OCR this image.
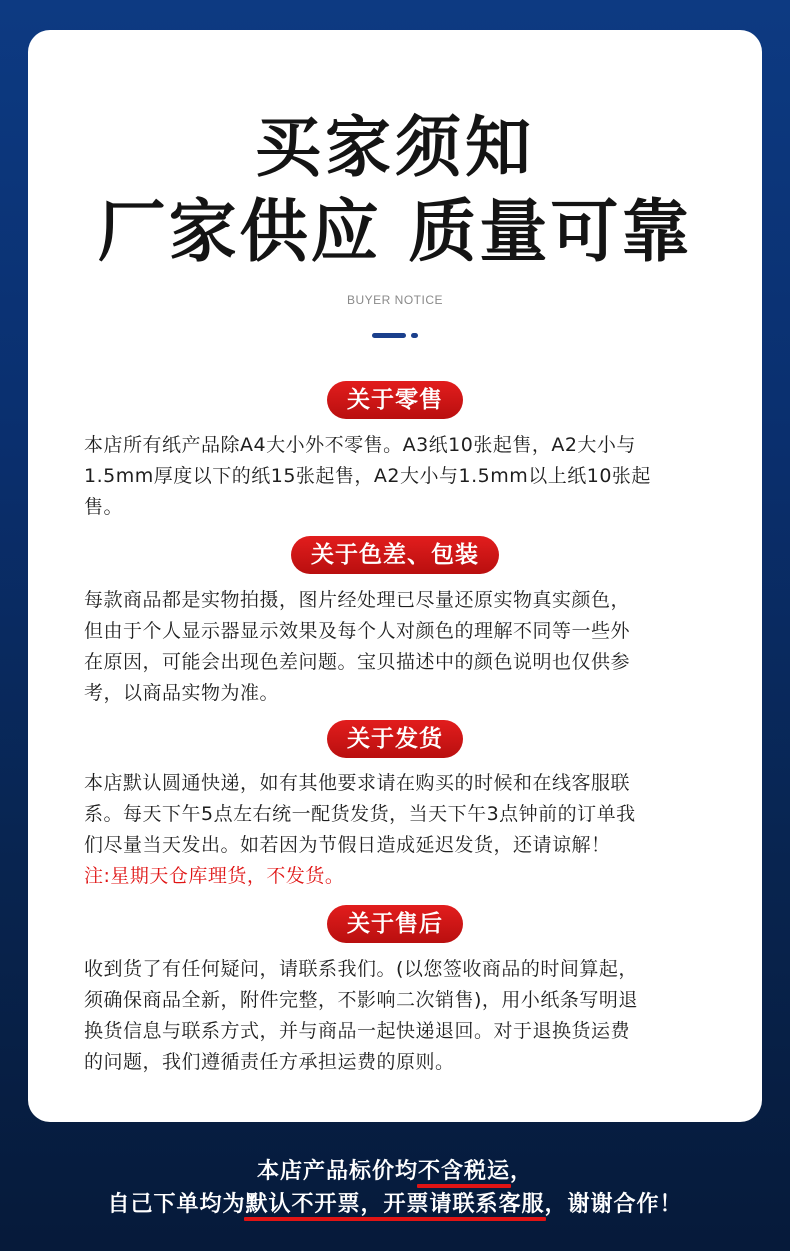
买家须知
厂家供应 质量可靠
BUYER NOTICE
关于零售
本店所有纸产品除A4大小外不零售。A3纸10张起售，A2大小与
1.5mm厚度以下的纸15张起售，A2大小与1.5mm以上纸10张起
售。
关于色差、包装
每款商品都是实物拍摄，图片经处理已尽量还原实物真实颜色，
但由于个人显示器显示效果及每个人对颜色的理解不同等一些外
在原因，可能会出现色差问题。宝贝描述中的颜色说明也仅供参
考，以商品实物为准。
关于发货
本店默认圆通快递，如有其他要求请在购买的时候和在线客服联
系。每天下午5点左右统一配货发货，当天下午3点钟前的订单我
们尽量当天发出。如若因为节假日造成延迟发货，还请谅解！
注:星期天仓库理货，不发货。
关于售后
收到货了有任何疑问，请联系我们。(以您签收商品的时间算起，
须确保商品全新，附件完整，不影响二次销售)，用小纸条写明退
换货信息与联系方式，并与商品一起快递退回。对于退换货运费
的问题，我们遵循责任方承担运费的原则。
本店产品标价均不含税运，
自己下单均为默认不开票，开票请联系客服，谢谢合作！
